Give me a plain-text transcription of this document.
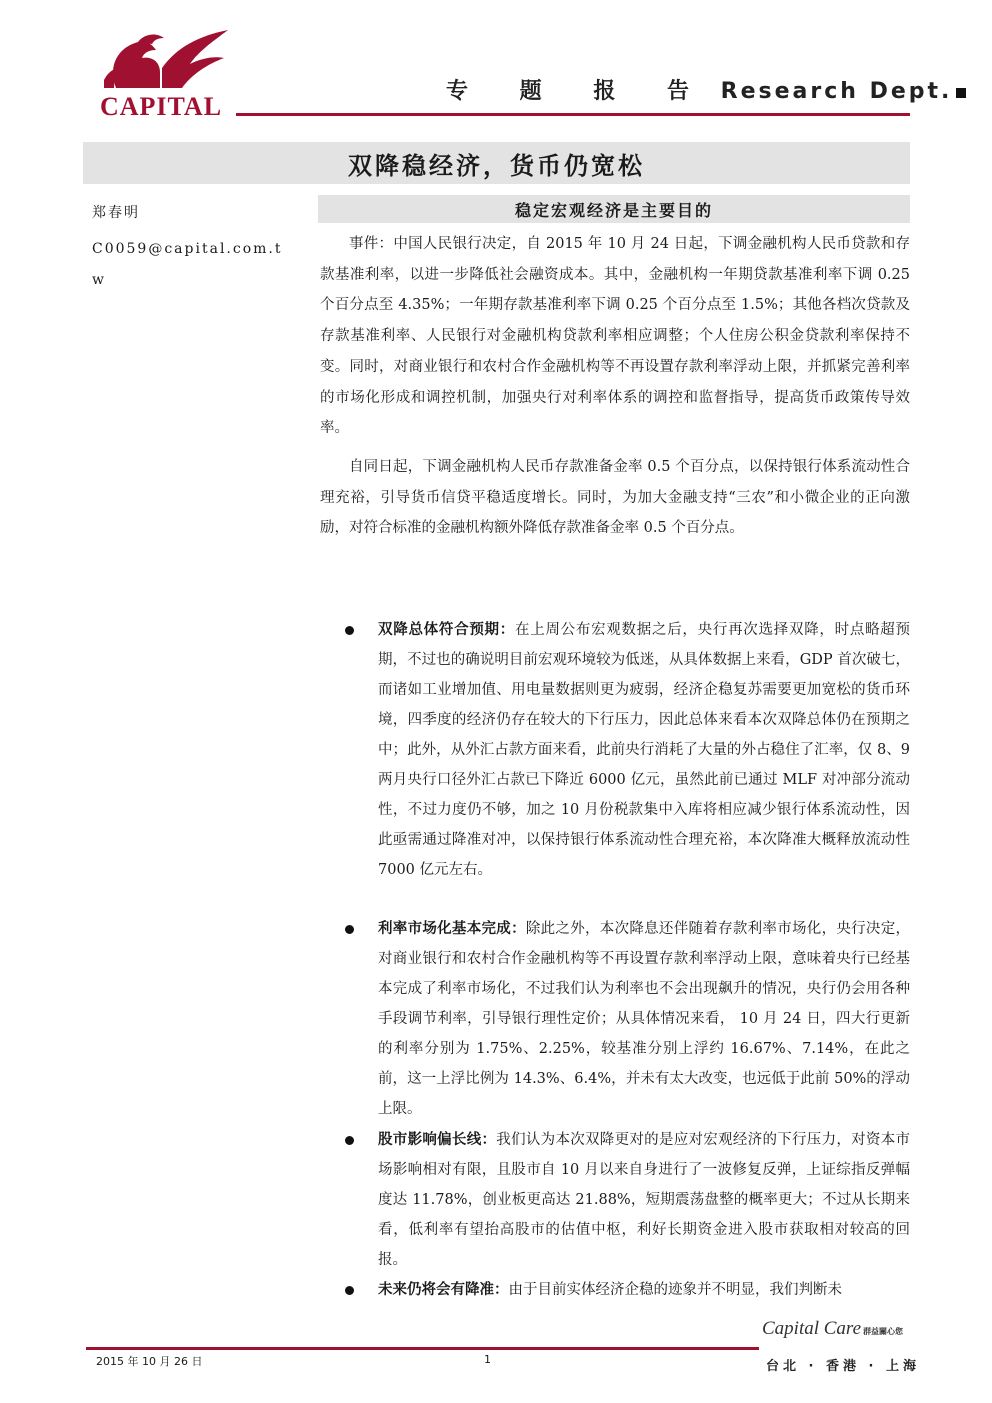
CAPITAL
专 题 报 告 Research Dept.
双降稳经济，货币仍宽松
郑春明
C0059@capital.com.tw
稳定宏观经济是主要目的
事件：中国人民银行决定，自 2015 年 10 月 24 日起，下调金融机构人民币贷款和存款基准利率，以进一步降低社会融资成本。其中，金融机构一年期贷款基准利率下调 0.25 个百分点至 4.35%；一年期存款基准利率下调 0.25 个百分点至 1.5%；其他各档次贷款及存款基准利率、人民银行对金融机构贷款利率相应调整；个人住房公积金贷款利率保持不变。同时，对商业银行和农村合作金融机构等不再设置存款利率浮动上限，并抓紧完善利率的市场化形成和调控机制，加强央行对利率体系的调控和监督指导，提高货币政策传导效率。
自同日起，下调金融机构人民币存款准备金率 0.5 个百分点，以保持银行体系流动性合理充裕，引导货币信贷平稳适度增长。同时，为加大金融支持“三农”和小微企业的正向激励，对符合标准的金融机构额外降低存款准备金率 0.5 个百分点。
双降总体符合预期：在上周公布宏观数据之后，央行再次选择双降，时点略超预期，不过也的确说明目前宏观环境较为低迷，从具体数据上来看，GDP 首次破七，而诸如工业增加值、用电量数据则更为疲弱，经济企稳复苏需要更加宽松的货币环境，四季度的经济仍存在较大的下行压力，因此总体来看本次双降总体仍在预期之中；此外，从外汇占款方面来看，此前央行消耗了大量的外占稳住了汇率，仅 8、9 两月央行口径外汇占款已下降近 6000 亿元，虽然此前已通过 MLF 对冲部分流动性，不过力度仍不够，加之 10 月份税款集中入库将相应减少银行体系流动性，因此亟需通过降准对冲，以保持银行体系流动性合理充裕，本次降准大概释放流动性 7000 亿元左右。
利率市场化基本完成：除此之外，本次降息还伴随着存款利率市场化，央行决定，对商业银行和农村合作金融机构等不再设置存款利率浮动上限，意味着央行已经基本完成了利率市场化，不过我们认为利率也不会出现飙升的情况，央行仍会用各种手段调节利率，引导银行理性定价；从具体情况来看， 10 月 24 日，四大行更新的利率分别为 1.75%、2.25%，较基准分别上浮约 16.67%、7.14%，在此之前，这一上浮比例为 14.3%、6.4%，并未有太大改变，也远低于此前 50%的浮动上限。
股市影响偏长线：我们认为本次双降更对的是应对宏观经济的下行压力，对资本市场影响相对有限，且股市自 10 月以来自身进行了一波修复反弹，上证综指反弹幅度达 11.78%，创业板更高达 21.88%，短期震荡盘整的概率更大；不过从长期来看，低利率有望抬高股市的估值中枢，利好长期资金进入股市获取相对较高的回报。
未来仍将会有降准：由于目前实体经济企稳的迹象并不明显，我们判断未
Capital Care 群益關心您
2015 年 10 月 26 日	1	台北 · 香港 · 上海
